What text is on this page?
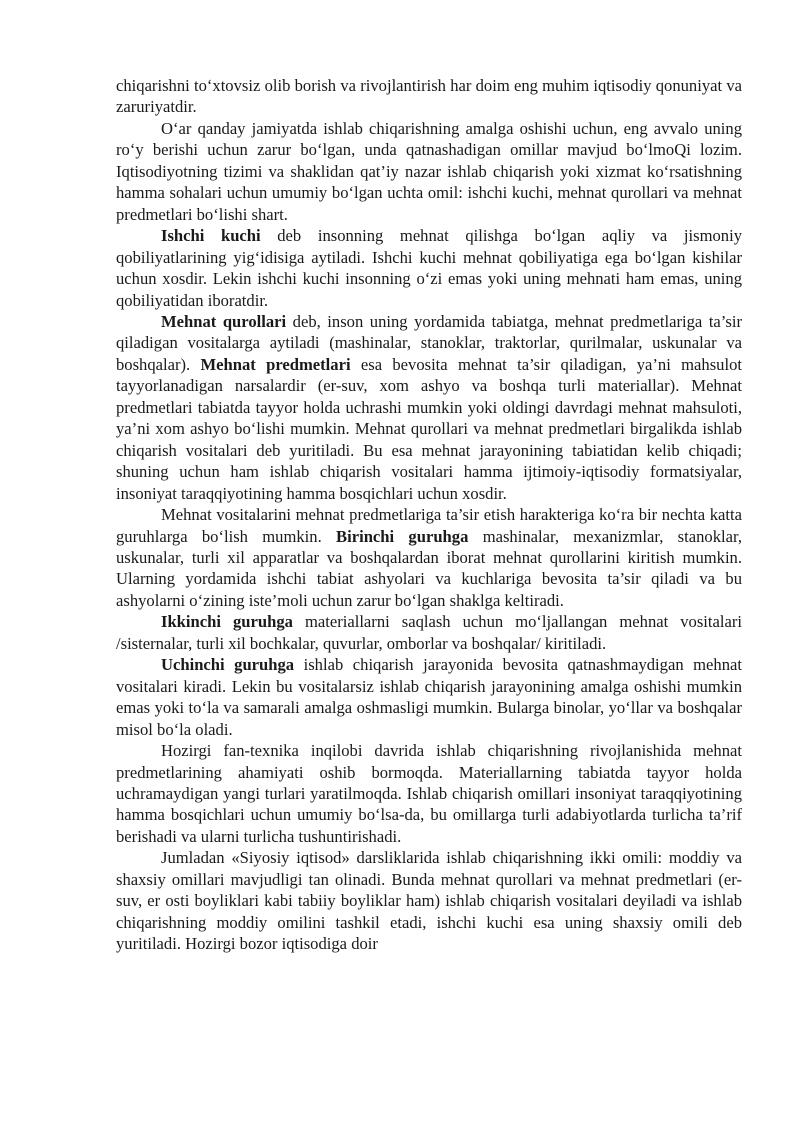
chiqarishni to‘xtovsiz olib borish va rivojlantirish har doim eng muhim iqtisodiy qonuniyat va zaruriyatdir.

O‘ar qanday jamiyatda ishlab chiqarishning amalga oshishi uchun, eng avvalo uning ro‘y berishi uchun zarur bo‘lgan, unda qatnashadigan omillar mavjud bo‘lmoQi lozim. Iqtisodiyotning tizimi va shaklidan qat’iy nazar ishlab chiqarish yoki xizmat ko‘rsatishning hamma sohalari uchun umumiy bo‘lgan uchta omil: ishchi kuchi, mehnat qurollari va mehnat predmetlari bo‘lishi shart.

Ishchi kuchi deb insonning mehnat qilishga bo‘lgan aqliy va jismoniy qobiliyatlarining yig‘idisiga aytiladi. Ishchi kuchi mehnat qobiliyatiga ega bo‘lgan kishilar uchun xosdir. Lekin ishchi kuchi insonning o‘zi emas yoki uning mehnati ham emas, uning qobiliyatidan iboratdir.

Mehnat qurollari deb, inson uning yordamida tabiatga, mehnat predmetlariga ta’sir qiladigan vositalarga aytiladi (mashinalar, stanoklar, traktorlar, qurilmalar, uskunalar va boshqalar). Mehnat predmetlari esa bevosita mehnat ta’sir qiladigan, ya’ni mahsulot tayyorlanadigan narsalardir (er-suv, xom ashyo va boshqa turli materiallar). Mehnat predmetlari tabiatda tayyor holda uchrashi mumkin yoki oldingi davrdagi mehnat mahsuloti, ya’ni xom ashyo bo‘lishi mumkin. Mehnat qurollari va mehnat predmetlari birgalikda ishlab chiqarish vositalari deb yuritiladi. Bu esa mehnat jarayonining tabiatidan kelib chiqadi; shuning uchun ham ishlab chiqarish vositalari hamma ijtimoiy-iqtisodiy formatsiyalar, insoniyat taraqqiyotining hamma bosqichlari uchun xosdir.

Mehnat vositalarini mehnat predmetlariga ta’sir etish harakteriga ko‘ra bir nechta katta guruhlarga bo‘lish mumkin. Birinchi guruhga mashinalar, mexanizmlar, stanoklar, uskunalar, turli xil apparatlar va boshqalardan iborat mehnat qurollarini kiritish mumkin. Ularning yordamida ishchi tabiat ashyolari va kuchlariga bevosita ta’sir qiladi va bu ashyolarni o‘zining iste’moli uchun zarur bo‘lgan shaklga keltiradi.

Ikkinchi guruhga materiallarni saqlash uchun mo‘ljallangan mehnat vositalari /sisternalar, turli xil bochkalar, quvurlar, omborlar va boshqalar/ kiritiladi.

Uchinchi guruhga ishlab chiqarish jarayonida bevosita qatnashmaydigan mehnat vositalari kiradi. Lekin bu vositalarsiz ishlab chiqarish jarayonining amalga oshishi mumkin emas yoki to‘la va samarali amalga oshmasligi mumkin. Bularga binolar, yo‘llar va boshqalar misol bo‘la oladi.

Hozirgi fan-texnika inqilobi davrida ishlab chiqarishning rivojlanishida mehnat predmetlarining ahamiyati oshib bormoqda. Materiallarning tabiatda tayyor holda uchramaydigan yangi turlari yaratilmoqda. Ishlab chiqarish omillari insoniyat taraqqiyotining hamma bosqichlari uchun umumiy bo‘lsa-da, bu omillarga turli adabiyotlarda turlicha ta’rif berishadi va ularni turlicha tushuntirishadi.

Jumladan «Siyosiy iqtisod» darsliklarida ishlab chiqarishning ikki omili: moddiy va shaxsiy omillari mavjudligi tan olinadi. Bunda mehnat qurollari va mehnat predmetlari (er-suv, er osti boyliklari kabi tabiiy boyliklar ham) ishlab chiqarish vositalari deyiladi va ishlab chiqarishning moddiy omilini tashkil etadi, ishchi kuchi esa uning shaxsiy omili deb yuritiladi. Hozirgi bozor iqtisodiga doir
